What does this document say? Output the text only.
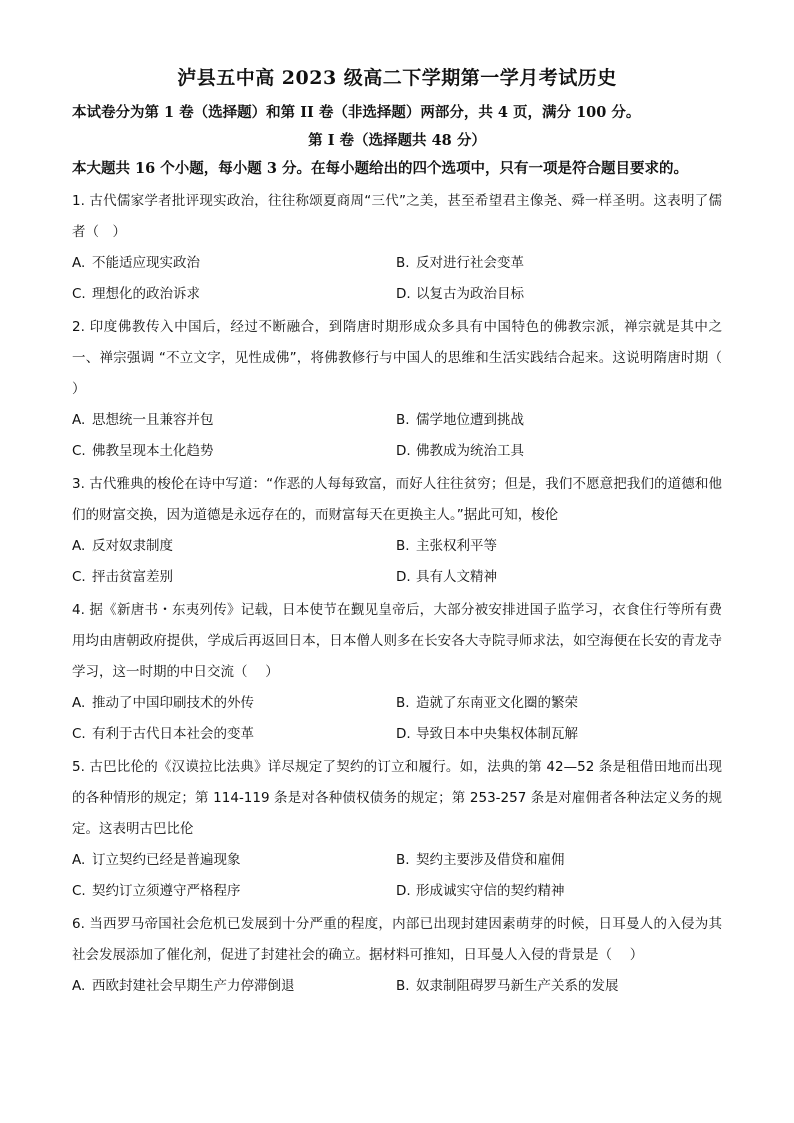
泸县五中高 2023 级高二下学期第一学月考试历史
本试卷分为第 1 卷（选择题）和第 II 卷（非选择题）两部分，共 4 页，满分 100 分。
第 I 卷（选择题共 48 分）
本大题共 16 个小题，每小题 3 分。在每小题给出的四个选项中，只有一项是符合题目要求的。
1. 古代儒家学者批评现实政治，往往称颂夏商周“三代”之美，甚至希望君主像尧、舜一样圣明。这表明了儒者（　）
A. 不能适应现实政治	B. 反对进行社会变革
C. 理想化的政治诉求	D. 以复古为政治目标
2. 印度佛教传入中国后，经过不断融合，到隋唐时期形成众多具有中国特色的佛教宗派，禅宗就是其中之一、禅宗强调 “不立文字，见性成佛”，将佛教修行与中国人的思维和生活实践结合起来。这说明隋唐时期（　 ）
A. 思想统一且兼容并包	B. 儒学地位遭到挑战
C. 佛教呈现本土化趋势	D. 佛教成为统治工具
3. 古代雅典的梭伦在诗中写道：“作恶的人每每致富，而好人往往贫穷；但是，我们不愿意把我们的道德和他们的财富交换，因为道德是永远存在的，而财富每天在更换主人。”据此可知，梭伦
A. 反对奴隶制度	B. 主张权利平等
C. 抨击贫富差别	D. 具有人文精神
4. 据《新唐书・东夷列传》记载，日本使节在觐见皇帝后，大部分被安排进国子监学习，衣食住行等所有费用均由唐朝政府提供，学成后再返回日本，日本僧人则多在长安各大寺院寻师求法，如空海便在长安的青龙寺学习，这一时期的中日交流（　 ）
A. 推动了中国印刷技术的外传	B. 造就了东南亚文化圈的繁荣
C. 有利于古代日本社会的变革	D. 导致日本中央集权体制瓦解
5. 古巴比伦的《汉谟拉比法典》详尽规定了契约的订立和履行。如，法典的第 42—52 条是租借田地而出现的各种情形的规定；第 114-119 条是对各种债权债务的规定；第 253-257 条是对雇佣者各种法定义务的规定。这表明古巴比伦
A. 订立契约已经是普遍现象	B. 契约主要涉及借贷和雇佣
C. 契约订立须遵守严格程序	D. 形成诚实守信的契约精神
6. 当西罗马帝国社会危机已发展到十分严重的程度，内部已出现封建因素萌芽的时候，日耳曼人的入侵为其社会发展添加了催化剂，促进了封建社会的确立。据材料可推知，日耳曼人入侵的背景是（　 ）
A. 西欧封建社会早期生产力停滞倒退	B. 奴隶制阻碍罗马新生产关系的发展
